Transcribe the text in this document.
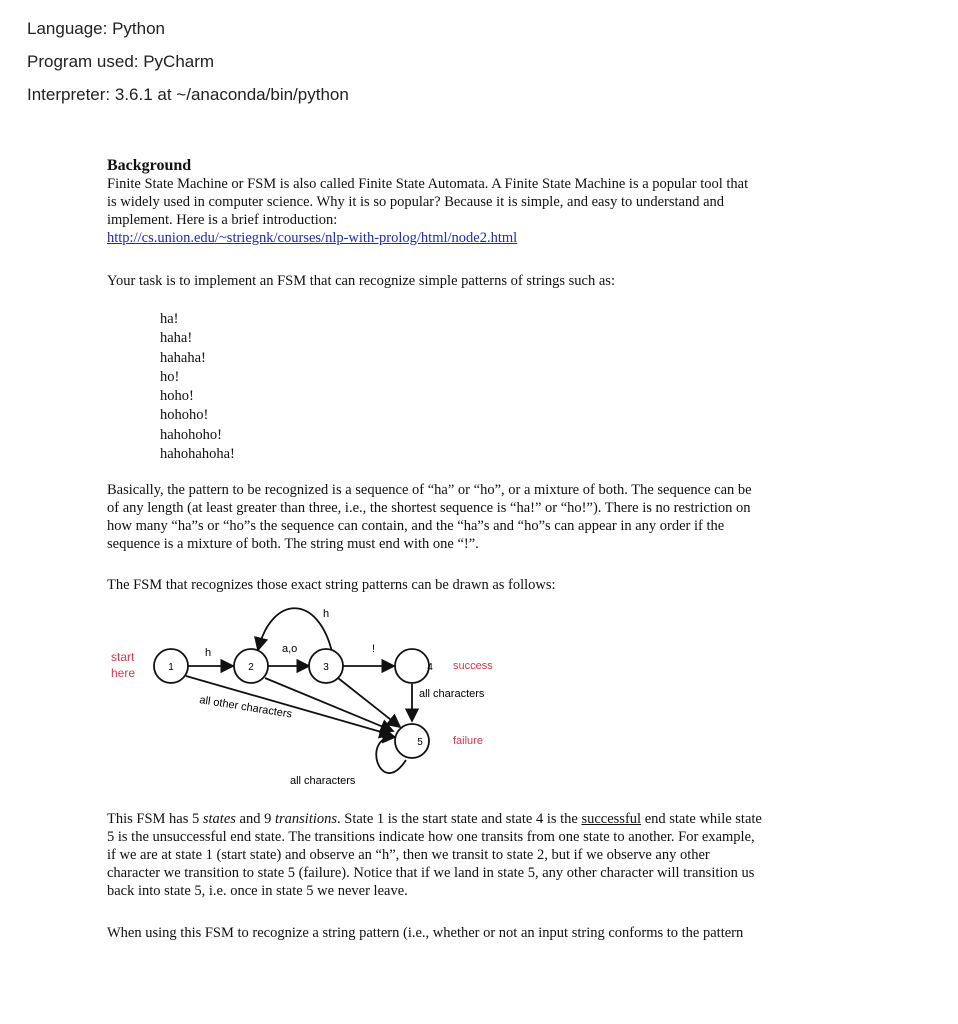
Language: Python
Program used: PyCharm
Interpreter: 3.6.1 at ~/anaconda/bin/python
Background
Finite State Machine or FSM is also called Finite State Automata. A Finite State Machine is a popular tool that
is widely used in computer science. Why it is so popular? Because it is simple, and easy to understand and
implement. Here is a brief introduction:
http://cs.union.edu/~striegnk/courses/nlp-with-prolog/html/node2.html
Your task is to implement an FSM that can recognize simple patterns of strings such as:
ha!
haha!
hahaha!
ho!
hoho!
hohoho!
hahohoho!
hahohahoha!
Basically, the pattern to be recognized is a sequence of “ha” or “ho”, or a mixture of both. The sequence can be
of any length (at least greater than three, i.e., the shortest sequence is “ha!” or “ho!”). There is no restriction on
how many “ha”s or “ho”s the sequence can contain, and the “ha”s and “ho”s can appear in any order if the
sequence is a mixture of both. The string must end with one “!”.
The FSM that recognizes those exact string patterns can be drawn as follows:
1	2	3	4
5
start
here
h	a,o
h
!
success
failure
all characters
all other characters
all characters
This FSM has 5 states and 9 transitions. State 1 is the start state and state 4 is the successful end state while state
5 is the unsuccessful end state. The transitions indicate how one transits from one state to another. For example,
if we are at state 1 (start state) and observe an “h”, then we transit to state 2, but if we observe any other
character we transition to state 5 (failure). Notice that if we land in state 5, any other character will transition us
back into state 5, i.e. once in state 5 we never leave.
When using this FSM to recognize a string pattern (i.e., whether or not an input string conforms to the pattern
